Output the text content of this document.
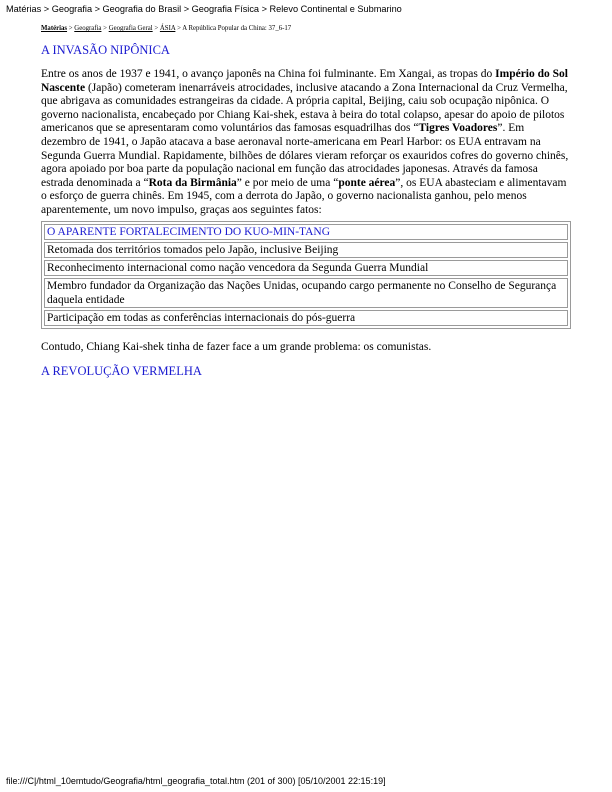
Matérias > Geografia > Geografia do Brasil > Geografia Física > Relevo Continental e Submarino
Matérias > Geografia > Geografia Geral > ÁSIA > A República Popular da China: 37_6-17
A INVASÃO NIPÔNICA

Entre os anos de 1937 e 1941, o avanço japonês na China foi fulminante. Em Xangai, as tropas do Império do Sol Nascente (Japão) cometeram inenarráveis atrocidades, inclusive atacando a Zona Internacional da Cruz Vermelha, que abrigava as comunidades estrangeiras da cidade. A própria capital, Beijing, caiu sob ocupação nipônica. O governo nacionalista, encabeçado por Chiang Kai-shek, estava à beira do total colapso, apesar do apoio de pilotos americanos que se apresentaram como voluntários das famosas esquadrilhas dos “Tigres Voadores”. Em dezembro de 1941, o Japão atacava a base aeronaval norte-americana em Pearl Harbor: os EUA entravam na Segunda Guerra Mundial. Rapidamente, bilhões de dólares vieram reforçar os exauridos cofres do governo chinês, agora apoiado por boa parte da população nacional em função das atrocidades japonesas. Através da famosa estrada denominada a “Rota da Birmânia” e por meio de uma “ponte aérea”, os EUA abasteciam e alimentavam o esforço de guerra chinês. Em 1945, com a derrota do Japão, o governo nacionalista ganhou, pelo menos aparentemente, um novo impulso, graças aos seguintes fatos:

O APARENTE FORTALECIMENTO DO KUO-MIN-TANG
Retomada dos territórios tomados pelo Japão, inclusive Beijing
Reconhecimento internacional como nação vencedora da Segunda Guerra Mundial
Membro fundador da Organização das Nações Unidas, ocupando cargo permanente no Conselho de Segurança daquela entidade
Participação em todas as conferências internacionais do pós-guerra
Contudo, Chiang Kai-shek tinha de fazer face a um grande problema: os comunistas.
A REVOLUÇÃO VERMELHA
file:///C|/html_10emtudo/Geografia/html_geografia_total.htm (201 of 300) [05/10/2001 22:15:19]
